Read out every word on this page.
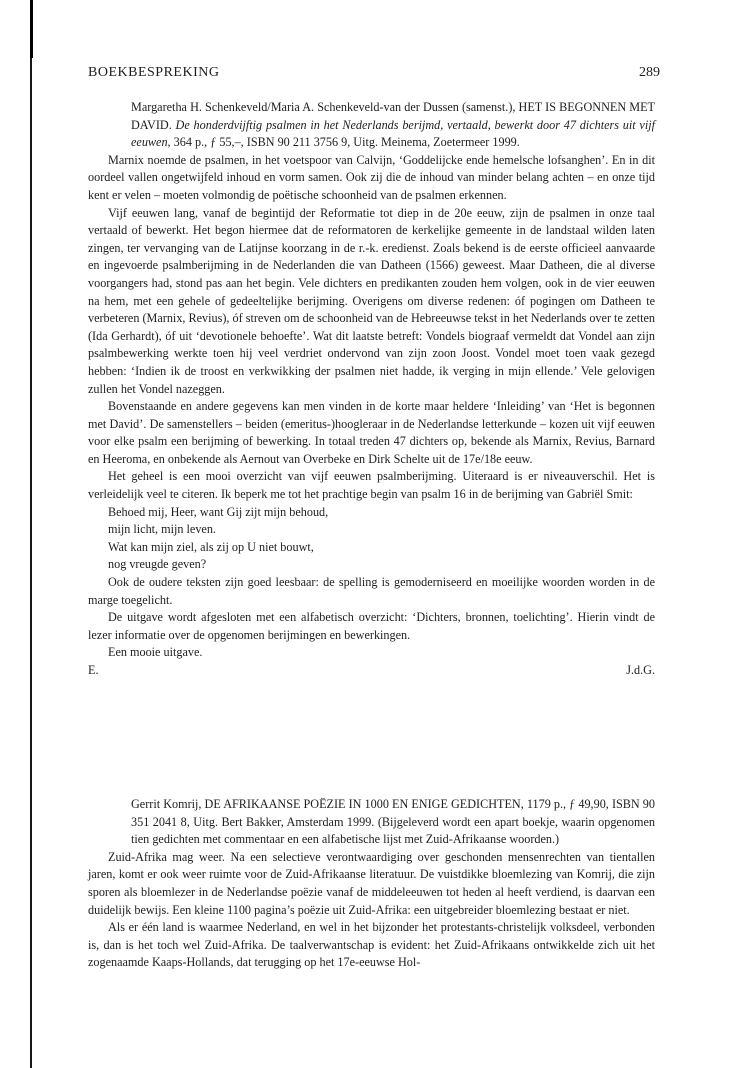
BOEKBESPREKING	289

Margaretha H. Schenkeveld/Maria A. Schenkeveld-van der Dussen (samenst.), HET IS BEGONNEN MET DAVID. De honderdvijftig psalmen in het Nederlands berijmd, vertaald, bewerkt door 47 dichters uit vijf eeuwen, 364 p., ƒ 55,–, ISBN 90 211 3756 9, Uitg. Meinema, Zoetermeer 1999.

Marnix noemde de psalmen, in het voetspoor van Calvijn, ‘Goddelijcke ende hemelsche lofsanghen’. En in dit oordeel vallen ongetwijfeld inhoud en vorm samen. Ook zij die de inhoud van minder belang achten – en onze tijd kent er velen – moeten volmondig de poëtische schoonheid van de psalmen erkennen.

Vijf eeuwen lang, vanaf de begintijd der Reformatie tot diep in de 20e eeuw, zijn de psalmen in onze taal vertaald of bewerkt. Het begon hiermee dat de reformatoren de kerkelijke gemeente in de landstaal wilden laten zingen, ter vervanging van de Latijnse koorzang in de r.-k. eredienst. Zoals bekend is de eerste officieel aanvaarde en ingevoerde psalmberijming in de Nederlanden die van Datheen (1566) geweest. Maar Datheen, die al diverse voorgangers had, stond pas aan het begin. Vele dichters en predikanten zouden hem volgen, ook in de vier eeuwen na hem, met een gehele of gedeeltelijke berijming. Overigens om diverse redenen: óf pogingen om Datheen te verbeteren (Marnix, Revius), óf streven om de schoonheid van de Hebreeuwse tekst in het Nederlands over te zetten (Ida Gerhardt), óf uit ‘devotionele behoefte’. Wat dit laatste betreft: Vondels biograaf vermeldt dat Vondel aan zijn psalmbewerking werkte toen hij veel verdriet ondervond van zijn zoon Joost. Vondel moet toen vaak gezegd hebben: ‘Indien ik de troost en verkwikking der psalmen niet hadde, ik verging in mijn ellende.’ Vele gelovigen zullen het Vondel nazeggen.

Bovenstaande en andere gegevens kan men vinden in de korte maar heldere ‘Inleiding’ van ‘Het is begonnen met David’. De samenstellers – beiden (emeritus-)hoogleraar in de Nederlandse letterkunde – kozen uit vijf eeuwen voor elke psalm een berijming of bewerking. In totaal treden 47 dichters op, bekende als Marnix, Revius, Barnard en Heeroma, en onbekende als Aernout van Overbeke en Dirk Schelte uit de 17e/18e eeuw.

Het geheel is een mooi overzicht van vijf eeuwen psalmberijming. Uiteraard is er niveauverschil. Het is verleidelijk veel te citeren. Ik beperk me tot het prachtige begin van psalm 16 in de berijming van Gabriël Smit:

Behoed mij, Heer, want Gij zijt mijn behoud,
mijn licht, mijn leven.
Wat kan mijn ziel, als zij op U niet bouwt,
nog vreugde geven?

Ook de oudere teksten zijn goed leesbaar: de spelling is gemoderniseerd en moeilijke woorden worden in de marge toegelicht.

De uitgave wordt afgesloten met een alfabetisch overzicht: ‘Dichters, bronnen, toelichting’. Hierin vindt de lezer informatie over de opgenomen berijmingen en bewerkingen.

Een mooie uitgave.

E.	J.d.G.

Gerrit Komrij, DE AFRIKAANSE POËZIE IN 1000 EN ENIGE GEDICHTEN, 1179 p., ƒ 49,90, ISBN 90 351 2041 8, Uitg. Bert Bakker, Amsterdam 1999. (Bijgeleverd wordt een apart boekje, waarin opgenomen tien gedichten met commentaar en een alfabetische lijst met Zuid-Afrikaanse woorden.)

Zuid-Afrika mag weer. Na een selectieve verontwaardiging over geschonden mensenrechten van tientallen jaren, komt er ook weer ruimte voor de Zuid-Afrikaanse literatuur. De vuistdikke bloemlezing van Komrij, die zijn sporen als bloemlezer in de Nederlandse poëzie vanaf de middeleeuwen tot heden al heeft verdiend, is daarvan een duidelijk bewijs. Een kleine 1100 pagina’s poëzie uit Zuid-Afrika: een uitgebreider bloemlezing bestaat er niet.

Als er één land is waarmee Nederland, en wel in het bijzonder het protestants-christelijk volksdeel, verbonden is, dan is het toch wel Zuid-Afrika. De taalverwantschap is evident: het Zuid-Afrikaans ontwikkelde zich uit het zogenaamde Kaaps-Hollands, dat terugging op het 17e-eeuwse Hol-
